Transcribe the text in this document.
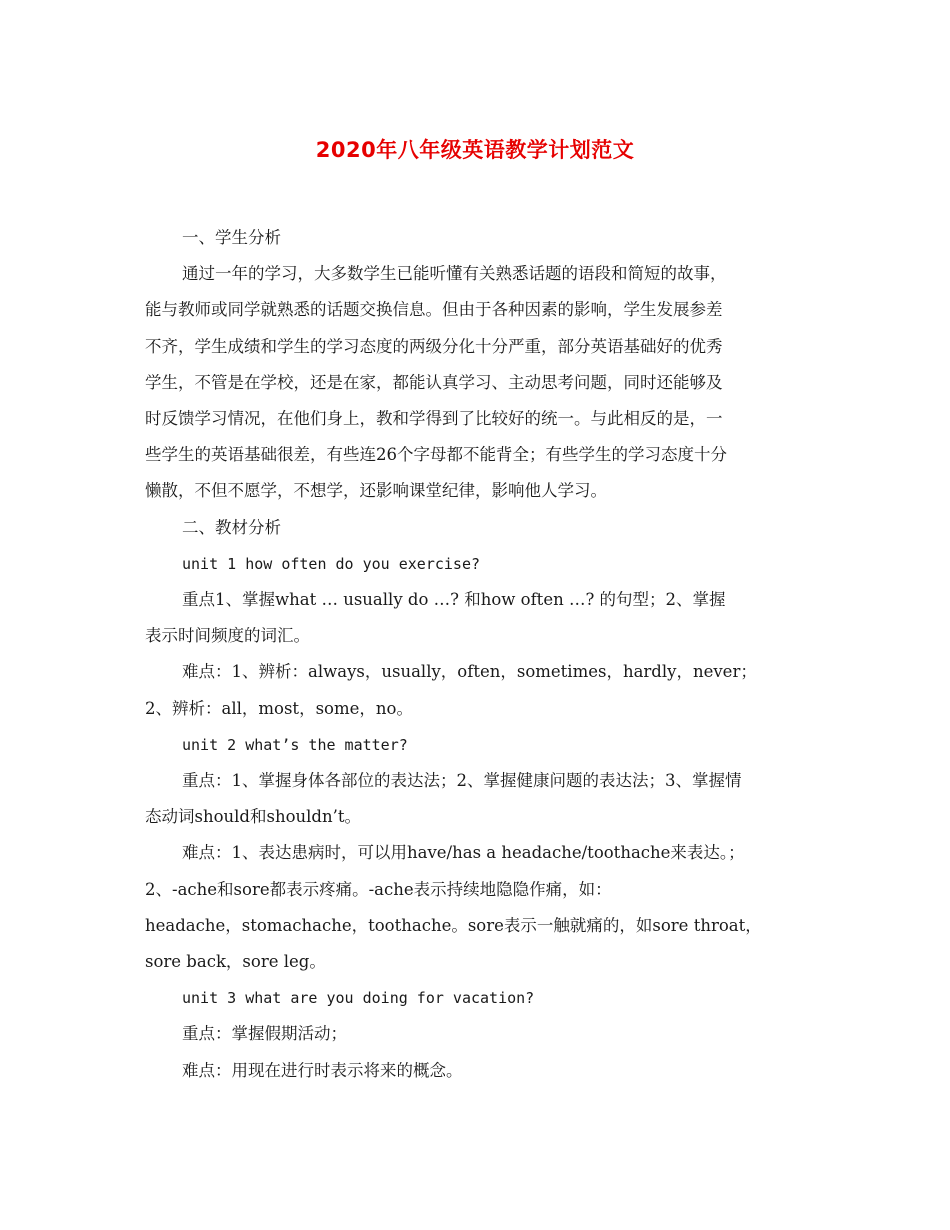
2020年八年级英语教学计划范文

一、学生分析

通过一年的学习，大多数学生已能听懂有关熟悉话题的语段和简短的故事，
能与教师或同学就熟悉的话题交换信息。但由于各种因素的影响，学生发展参差
不齐，学生成绩和学生的学习态度的两级分化十分严重，部分英语基础好的优秀
学生，不管是在学校，还是在家，都能认真学习、主动思考问题，同时还能够及
时反馈学习情况，在他们身上，教和学得到了比较好的统一。与此相反的是，一
些学生的英语基础很差，有些连26个字母都不能背全；有些学生的学习态度十分
懒散，不但不愿学，不想学，还影响课堂纪律，影响他人学习。

二、教材分析

unit 1 how often do you exercise?

重点1、掌握what … usually do …? 和how often …? 的句型；2、掌握
表示时间频度的词汇。

难点：1、辨析：always，usually，often，sometimes，hardly，never；
2、辨析：all，most，some，no。

unit 2 what’s the matter?

重点：1、掌握身体各部位的表达法；2、掌握健康问题的表达法；3、掌握情
态动词should和shouldn’t。

难点：1、表达患病时，可以用have/has a headache/toothache来表达。；
2、-ache和sore都表示疼痛。-ache表示持续地隐隐作痛，如：
headache，stomachache，toothache。sore表示一触就痛的，如sore throat，
sore back，sore leg。

unit 3 what are you doing for vacation?

重点：掌握假期活动；

难点：用现在进行时表示将来的概念。
